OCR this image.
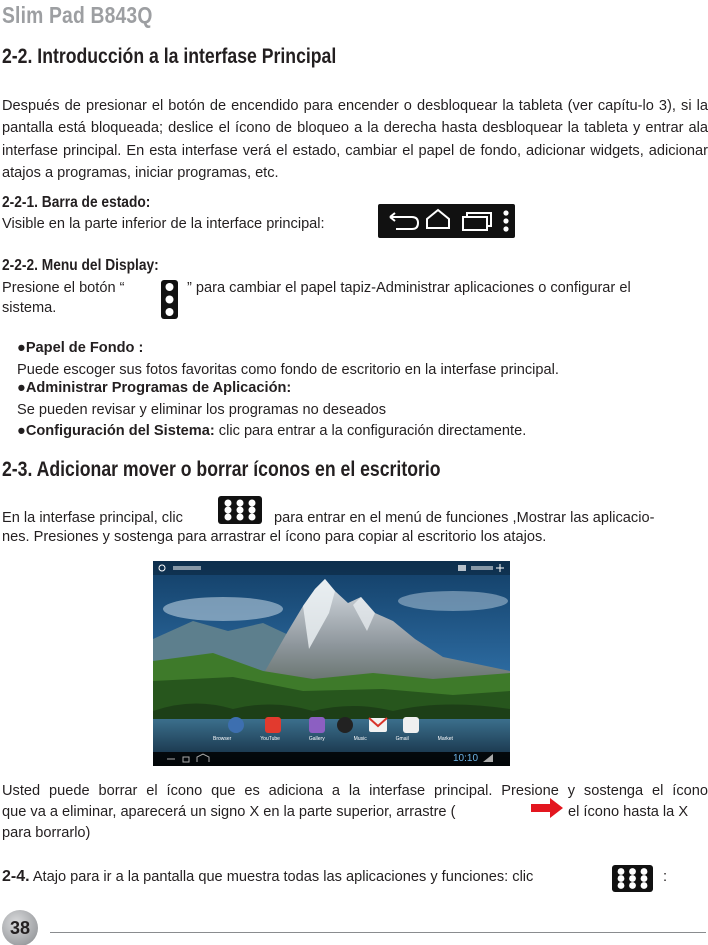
Slim Pad B843Q
2-2. Introducción a la interfase Principal
Después de presionar el botón de encendido para encender o desbloquear la tableta (ver capítu-lo 3), si la pantalla está bloqueada; deslice el ícono de bloqueo a la derecha hasta desbloquear la tableta y entrar ala interfase principal. En esta interfase verá el estado, cambiar el papel de fondo, adicionar widgets, adicionar atajos a programas, iniciar programas, etc.
2-2-1. Barra de estado:
Visible en la parte inferior de la interface principal:
2-2-2. Menu del Display:
Presione el botón “	” para cambiar el papel tapiz-Administrar aplicaciones o configurar el
sistema.
●Papel de Fondo :
Puede escoger sus fotos favoritas como fondo de escritorio en la interfase principal.
●Administrar Programas de Aplicación:
Se pueden revisar y eliminar los programas no deseados
●Configuración del Sistema: clic para entrar a la configuración directamente.
2-3. Adicionar mover o borrar íconos en el escritorio
En la interfase principal, clic	para entrar en el menú de funciones ,Mostrar las aplicacio-
nes. Presiones y sostenga para arrastrar el ícono para copiar al escritorio los atajos.
Browser	YouTube	Gallery	Music	Gmail	Market
10:10
Usted puede borrar el ícono que es adiciona a la interfase principal. Presione y sostenga el ícono
que va a eliminar, aparecerá un signo X en la parte superior, arrastre (	el ícono hasta la X
para borrarlo)
2-4. Atajo para ir a la pantalla que muestra todas las aplicaciones y funciones: clic	:
38
